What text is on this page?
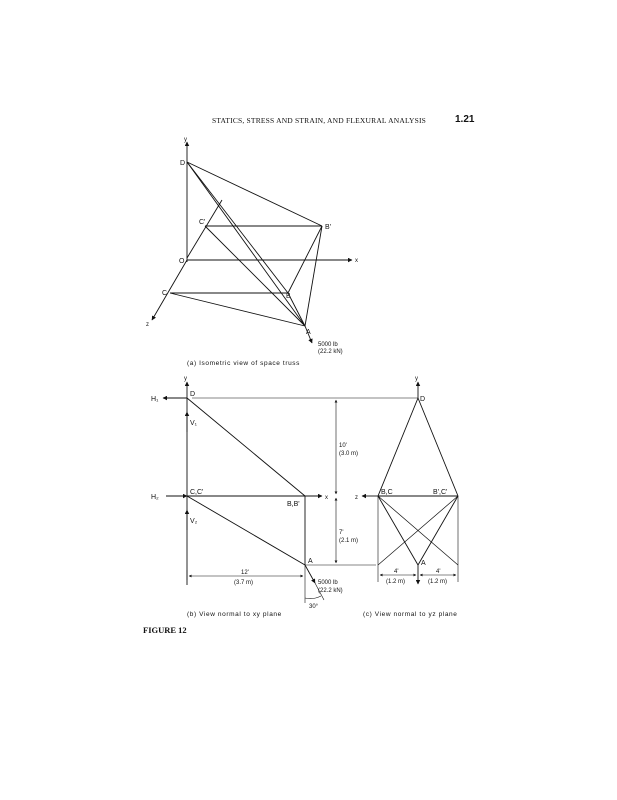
STATICS, STRESS AND STRAIN, AND FLEXURAL ANALYSIS	1.21
y
x
z
D
O
C
C'
B
B'
A
5000 lb
(22.2 kN)
(a) Isometric view of space truss
y
x
H₁
H₂
V₁
V₂
D
C,C'
B,B'
A
10'
(3.0 m)
7'
(2.1 m)
12'
(3.7 m)	5000 lb
(22.2 kN)
30°
(b) View normal to xy plane
y
z
D
B,C	B',C'
A
4'
(1.2 m)
4'
(1.2 m)
(c) View normal to yz plane
FIGURE 12
